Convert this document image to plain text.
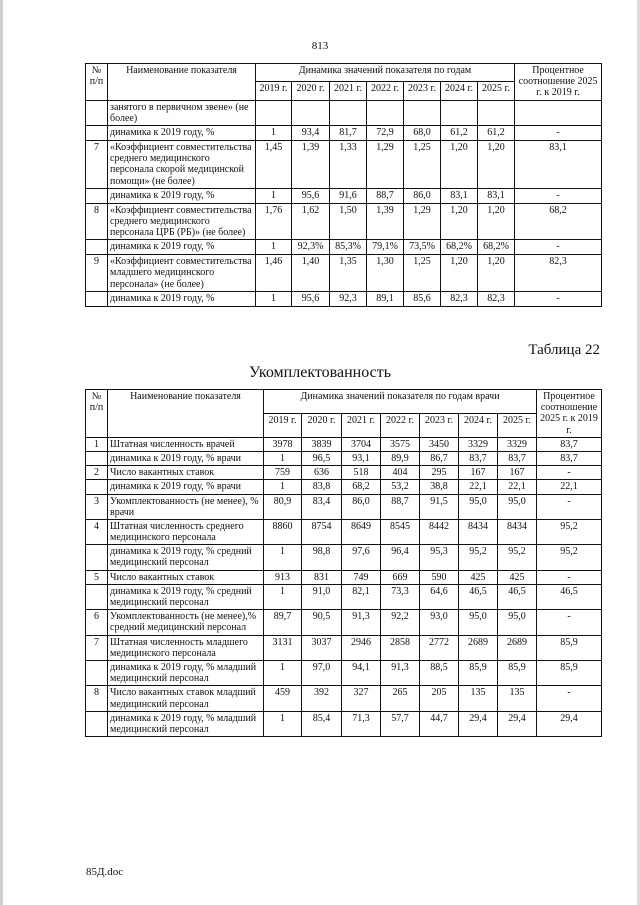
813
№ п/п	Наименование показателя	Динамика значений показателя по годам							Процентное соотношение 2025 г. к 2019 г.
		2019 г.	2020 г.	2021 г.	2022 г.	2023 г.	2024 г.	2025 г.	
	занятого в первичном звене» (не более)								
	динамика к 2019 году, %	1	93,4	81,7	72,9	68,0	61,2	61,2	-
7	«Коэффициент совместительства среднего медицинского персонала скорой медицинской помощи» (не более)	1,45	1,39	1,33	1,29	1,25	1,20	1,20	83,1
	динамика к 2019 году, %	1	95,6	91,6	88,7	86,0	83,1	83,1	-
8	«Коэффициент совместительства среднего медицинского персонала ЦРБ (РБ)» (не более)	1,76	1,62	1,50	1,39	1,29	1,20	1,20	68,2
	динамика к 2019 году, %	1	92,3%	85,3%	79,1%	73,5%	68,2%	68,2%	-
9	«Коэффициент совместительства младшего медицинского персонала» (не более)	1,46	1,40	1,35	1,30	1,25	1,20	1,20	82,3
	динамика к 2019 году, %	1	95,6	92,3	89,1	85,6	82,3	82,3	-
Таблица 22
Укомплектованность
№ п/п	Наименование показателя	Динамика значений показателя по годам врачи							Процентное соотношение 2025 г. к 2019 г.
		2019 г.	2020 г.	2021 г.	2022 г.	2023 г.	2024 г.	2025 г.	
1	Штатная численность врачей	3978	3839	3704	3575	3450	3329	3329	83,7
	динамика к 2019 году, % врачи	1	96,5	93,1	89,9	86,7	83,7	83,7	83,7
2	Число вакантных ставок	759	636	518	404	295	167	167	-
	динамика к 2019 году, % врачи	1	83,8	68,2	53,2	38,8	22,1	22,1	22,1
3	Укомплектованность (не менее), % врачи	80,9	83,4	86,0	88,7	91,5	95,0	95,0	-
4	Штатная численность среднего медицинского персонала	8860	8754	8649	8545	8442	8434	8434	95,2
	динамика к 2019 году, % средний медицинский персонал	1	98,8	97,6	96,4	95,3	95,2	95,2	95,2
5	Число вакантных ставок	913	831	749	669	590	425	425	-
	динамика к 2019 году, % средний медицинский персонал	1	91,0	82,1	73,3	64,6	46,5	46,5	46,5
6	Укомплектованность (не менее),% средний медицинский персонал	89,7	90,5	91,3	92,2	93,0	95,0	95,0	-
7	Штатная численность младшего медицинского персонала	3131	3037	2946	2858	2772	2689	2689	85,9
	динамика к 2019 году, % младший медицинский персонал	1	97,0	94,1	91,3	88,5	85,9	85,9	85,9
8	Число вакантных ставок младший медицинский персонал	459	392	327	265	205	135	135	-
	динамика к 2019 году, % младший медицинский персонал	1	85,4	71,3	57,7	44,7	29,4	29,4	29,4
85Д.doc
